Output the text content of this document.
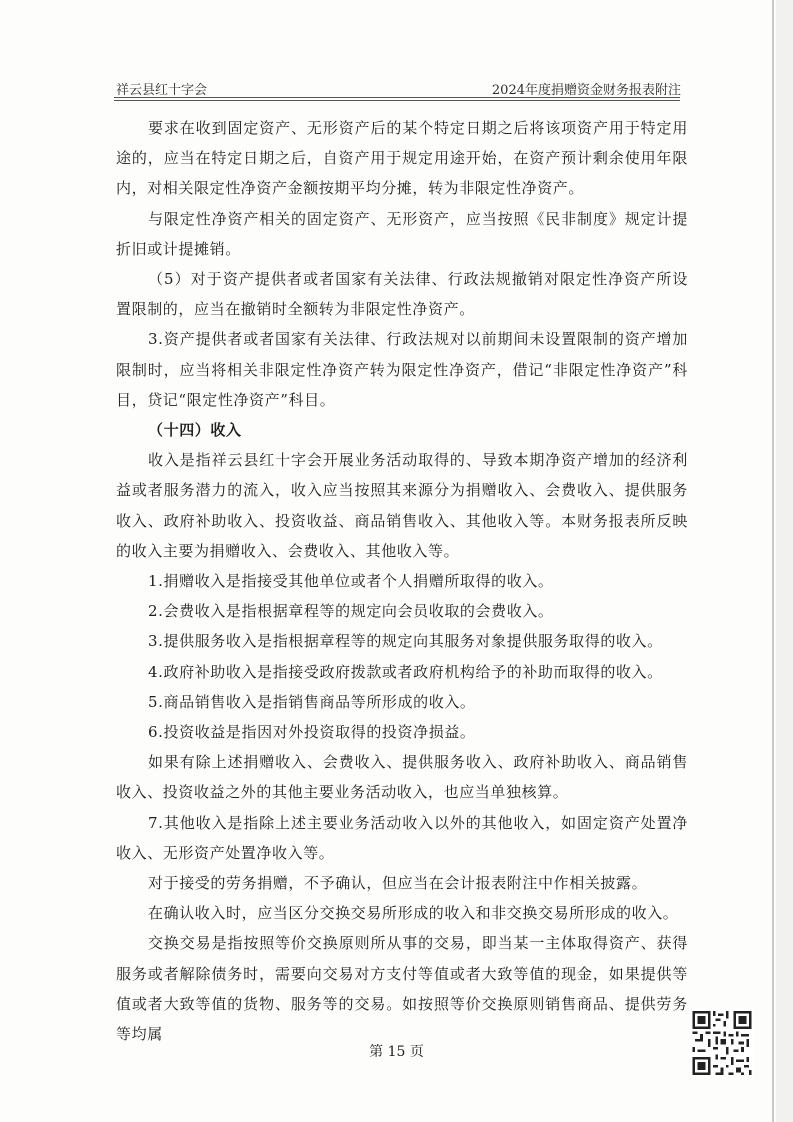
祥云县红十字会	2024年度捐赠资金财务报表附注

要求在收到固定资产、无形资产后的某个特定日期之后将该项资产用于特定用途的，应当在特定日期之后，自资产用于规定用途开始，在资产预计剩余使用年限内，对相关限定性净资产金额按期平均分摊，转为非限定性净资产。

与限定性净资产相关的固定资产、无形资产，应当按照《民非制度》规定计提折旧或计提摊销。

（5）对于资产提供者或者国家有关法律、行政法规撤销对限定性净资产所设置限制的，应当在撤销时全额转为非限定性净资产。

3.资产提供者或者国家有关法律、行政法规对以前期间未设置限制的资产增加限制时，应当将相关非限定性净资产转为限定性净资产，借记“非限定性净资产”科目，贷记“限定性净资产”科目。

（十四）收入

收入是指祥云县红十字会开展业务活动取得的、导致本期净资产增加的经济利益或者服务潜力的流入，收入应当按照其来源分为捐赠收入、会费收入、提供服务收入、政府补助收入、投资收益、商品销售收入、其他收入等。本财务报表所反映的收入主要为捐赠收入、会费收入、其他收入等。

1.捐赠收入是指接受其他单位或者个人捐赠所取得的收入。

2.会费收入是指根据章程等的规定向会员收取的会费收入。

3.提供服务收入是指根据章程等的规定向其服务对象提供服务取得的收入。

4.政府补助收入是指接受政府拨款或者政府机构给予的补助而取得的收入。

5.商品销售收入是指销售商品等所形成的收入。

6.投资收益是指因对外投资取得的投资净损益。

如果有除上述捐赠收入、会费收入、提供服务收入、政府补助收入、商品销售收入、投资收益之外的其他主要业务活动收入，也应当单独核算。

7.其他收入是指除上述主要业务活动收入以外的其他收入，如固定资产处置净收入、无形资产处置净收入等。

对于接受的劳务捐赠，不予确认，但应当在会计报表附注中作相关披露。

在确认收入时，应当区分交换交易所形成的收入和非交换交易所形成的收入。

交换交易是指按照等价交换原则所从事的交易，即当某一主体取得资产、获得服务或者解除债务时，需要向交易对方支付等值或者大致等值的现金，如果提供等值或者大致等值的货物、服务等的交易。如按照等价交换原则销售商品、提供劳务等均属

第 15 页
